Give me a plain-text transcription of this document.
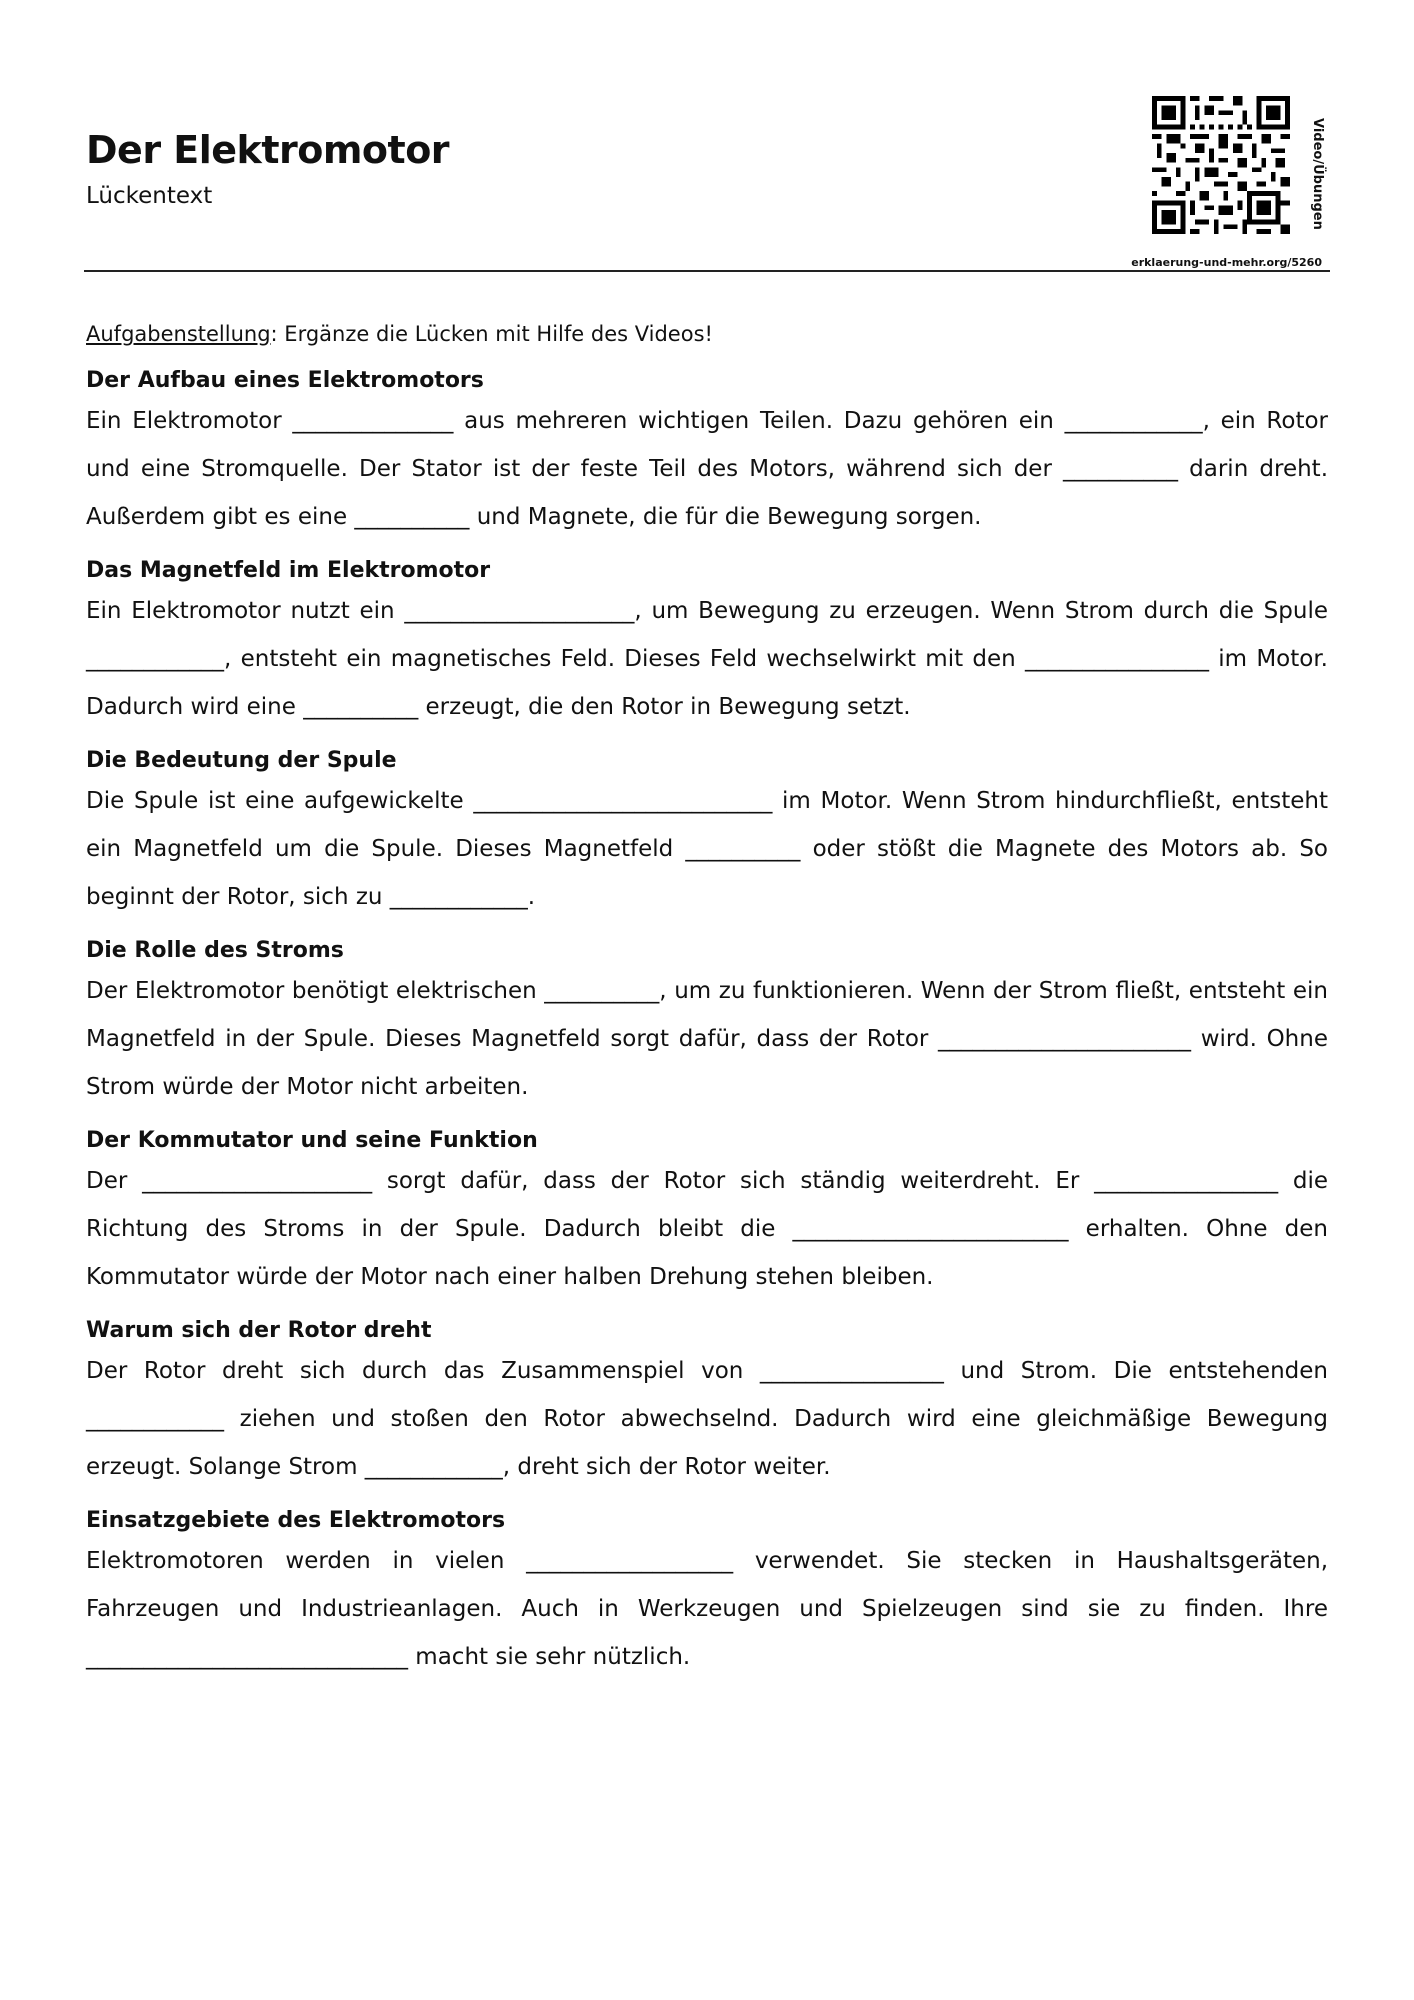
Der Elektromotor
Lückentext	Video/Übungen
erklaerung-und-mehr.org/5260

Aufgabenstellung: Ergänze die Lücken mit Hilfe des Videos!

Der Aufbau eines Elektromotors

Ein Elektromotor ______________ aus mehreren wichtigen Teilen. Dazu gehören ein ____________, ein Rotor und eine Stromquelle. Der Stator ist der feste Teil des Motors, während sich der __________ darin dreht. Außerdem gibt es eine __________ und Magnete, die für die Bewegung sorgen.

Das Magnetfeld im Elektromotor

Ein Elektromotor nutzt ein ____________________, um Bewegung zu erzeugen. Wenn Strom durch die Spule ____________, entsteht ein magnetisches Feld. Dieses Feld wechselwirkt mit den ________________ im Motor. Dadurch wird eine __________ erzeugt, die den Rotor in Bewegung setzt.

Die Bedeutung der Spule

Die Spule ist eine aufgewickelte __________________________ im Motor. Wenn Strom hindurchfließt, entsteht ein Magnetfeld um die Spule. Dieses Magnetfeld __________ oder stößt die Magnete des Motors ab. So beginnt der Rotor, sich zu ____________.

Die Rolle des Stroms

Der Elektromotor benötigt elektrischen __________, um zu funktionieren. Wenn der Strom fließt, entsteht ein Magnetfeld in der Spule. Dieses Magnetfeld sorgt dafür, dass der Rotor ______________________ wird. Ohne Strom würde der Motor nicht arbeiten.

Der Kommutator und seine Funktion

Der ____________________ sorgt dafür, dass der Rotor sich ständig weiterdreht. Er ________________ die Richtung des Stroms in der Spule. Dadurch bleibt die ________________________ erhalten. Ohne den Kommutator würde der Motor nach einer halben Drehung stehen bleiben.

Warum sich der Rotor dreht

Der Rotor dreht sich durch das Zusammenspiel von ________________ und Strom. Die entstehenden ____________ ziehen und stoßen den Rotor abwechselnd. Dadurch wird eine gleichmäßige Bewegung erzeugt. Solange Strom ____________, dreht sich der Rotor weiter.

Einsatzgebiete des Elektromotors

Elektromotoren werden in vielen __________________ verwendet. Sie stecken in Haushaltsgeräten, Fahrzeugen und Industrieanlagen. Auch in Werkzeugen und Spielzeugen sind sie zu finden. Ihre ____________________________ macht sie sehr nützlich.
